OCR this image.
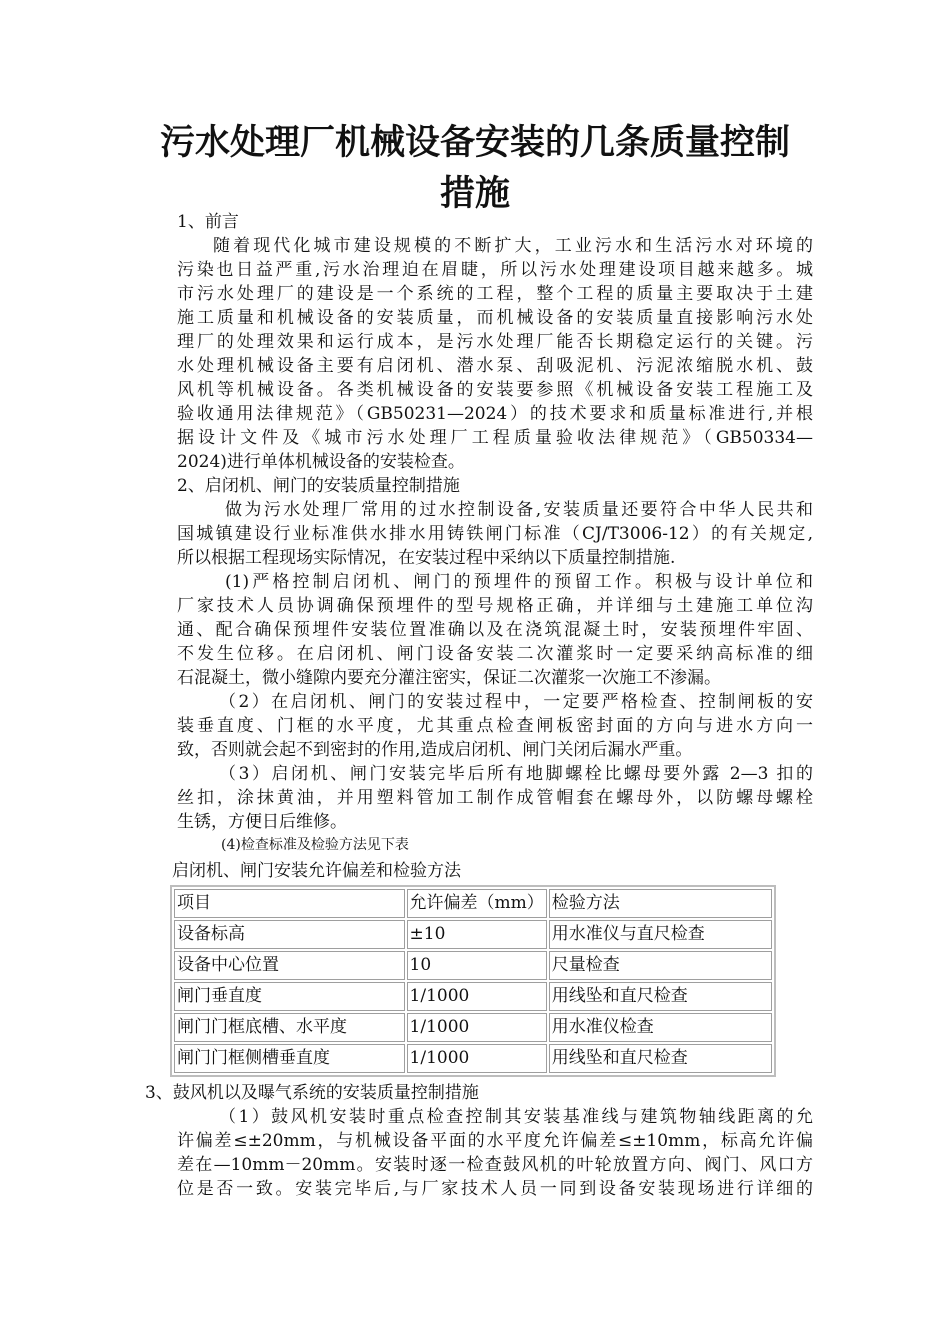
污水处理厂机械设备安装的几条质量控制
措施
1、前言
随着现代化城市建设规模的不断扩大，工业污水和生活污水对环境的
污染也日益严重,污水治理迫在眉睫，所以污水处理建设项目越来越多。城
市污水处理厂的建设是一个系统的工程，整个工程的质量主要取决于土建
施工质量和机械设备的安装质量，而机械设备的安装质量直接影响污水处
理厂的处理效果和运行成本，是污水处理厂能否长期稳定运行的关键。污
水处理机械设备主要有启闭机、潜水泵、刮吸泥机、污泥浓缩脱水机、鼓
风机等机械设备。各类机械设备的安装要参照《机械设备安装工程施工及
验收通用法律规范》（GB50231—2024）的技术要求和质量标准进行,并根
据设计文件及《城市污水处理厂工程质量验收法律规范》（GB50334—
2024)进行单体机械设备的安装检查。
2、启闭机、闸门的安装质量控制措施
做为污水处理厂常用的过水控制设备,安装质量还要符合中华人民共和
国城镇建设行业标准供水排水用铸铁闸门标准（CJ/T3006-12）的有关规定,
所以根据工程现场实际情况，在安装过程中采纳以下质量控制措施.
(1)严格控制启闭机、闸门的预埋件的预留工作。积极与设计单位和
厂家技术人员协调确保预埋件的型号规格正确，并详细与土建施工单位沟
通、配合确保预埋件安装位置准确以及在浇筑混凝土时，安装预埋件牢固、
不发生位移。在启闭机、闸门设备安装二次灌浆时一定要采纳高标准的细
石混凝土，微小缝隙内要充分灌注密实，保证二次灌浆一次施工不渗漏。
（2）在启闭机、闸门的安装过程中，一定要严格检查、控制闸板的安
装垂直度、门框的水平度，尤其重点检查闸板密封面的方向与进水方向一
致，否则就会起不到密封的作用,造成启闭机、闸门关闭后漏水严重。
（3）启闭机、闸门安装完毕后所有地脚螺栓比螺母要外露 2—3 扣的
丝扣，涂抹黄油，并用塑料管加工制作成管帽套在螺母外，以防螺母螺栓
生锈，方便日后维修。
(4)检查标准及检验方法见下表
启闭机、闸门安装允许偏差和检验方法
项目	允许偏差（mm）	检验方法
设备标高	±10	用水准仪与直尺检查
设备中心位置	10	尺量检查
闸门垂直度	1/1000	用线坠和直尺检查
闸门门框底槽、水平度	1/1000	用水准仪检查
闸门门框侧槽垂直度	1/1000	用线坠和直尺检查
3、鼓风机以及曝气系统的安装质量控制措施
（1）鼓风机安装时重点检查控制其安装基准线与建筑物轴线距离的允
许偏差≤±20mm，与机械设备平面的水平度允许偏差≤±10mm，标高允许偏
差在—10mm－20mm。安装时逐一检查鼓风机的叶轮放置方向、阀门、风口方
位是否一致。安装完毕后,与厂家技术人员一同到设备安装现场进行详细的
